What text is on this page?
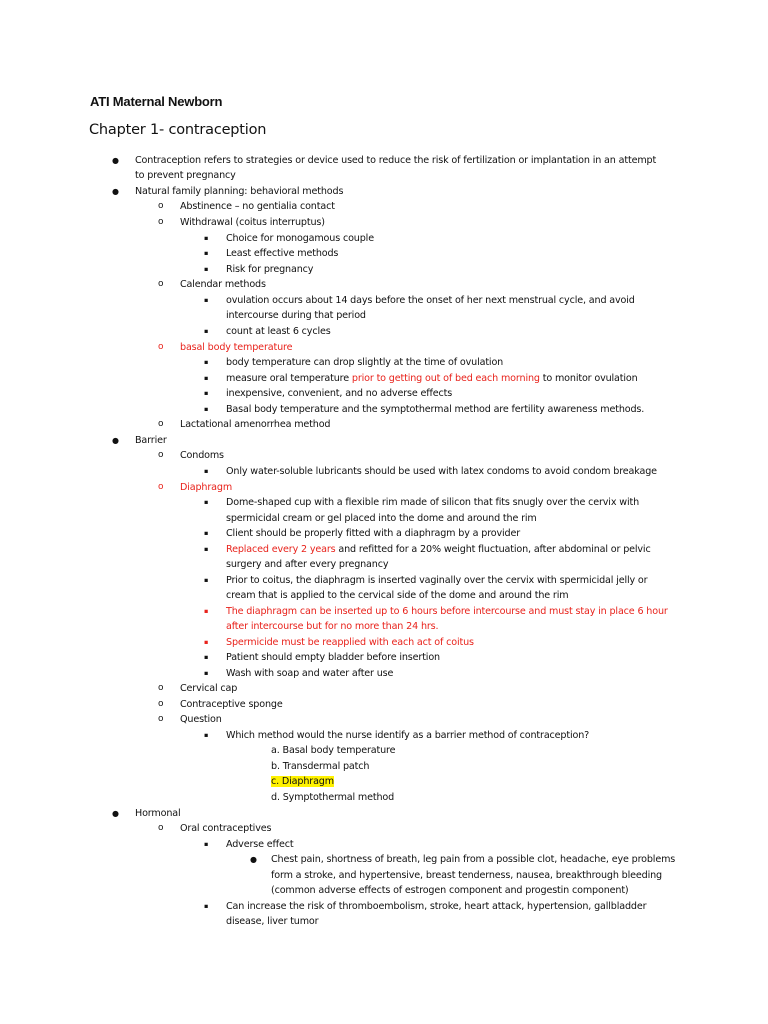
ATI Maternal Newborn
Chapter 1- contraception
● Contraception refers to strategies or device used to reduce the risk of fertilization or implantation in an attempt
to prevent pregnancy
● Natural family planning: behavioral methods
o Abstinence – no gentialia contact
o Withdrawal (coitus interruptus)
▪ Choice for monogamous couple
▪ Least effective methods
▪ Risk for pregnancy
o Calendar methods
▪ ovulation occurs about 14 days before the onset of her next menstrual cycle, and avoid
intercourse during that period
▪ count at least 6 cycles
o basal body temperature
▪ body temperature can drop slightly at the time of ovulation
▪ measure oral temperature prior to getting out of bed each morning to monitor ovulation
▪ inexpensive, convenient, and no adverse effects
▪ Basal body temperature and the symptothermal method are fertility awareness methods.
o Lactational amenorrhea method
● Barrier
o Condoms
▪ Only water-soluble lubricants should be used with latex condoms to avoid condom breakage
o Diaphragm
▪ Dome-shaped cup with a flexible rim made of silicon that fits snugly over the cervix with
spermicidal cream or gel placed into the dome and around the rim
▪ Client should be properly fitted with a diaphragm by a provider
▪ Replaced every 2 years and refitted for a 20% weight fluctuation, after abdominal or pelvic
surgery and after every pregnancy
▪ Prior to coitus, the diaphragm is inserted vaginally over the cervix with spermicidal jelly or
cream that is applied to the cervical side of the dome and around the rim
▪ The diaphragm can be inserted up to 6 hours before intercourse and must stay in place 6 hour
after intercourse but for no more than 24 hrs.
▪ Spermicide must be reapplied with each act of coitus
▪ Patient should empty bladder before insertion
▪ Wash with soap and water after use
o Cervical cap
o Contraceptive sponge
o Question
▪ Which method would the nurse identify as a barrier method of contraception?
a. Basal body temperature
b. Transdermal patch
c. Diaphragm
d. Symptothermal method
● Hormonal
o Oral contraceptives
▪ Adverse effect
● Chest pain, shortness of breath, leg pain from a possible clot, headache, eye problems
form a stroke, and hypertensive, breast tenderness, nausea, breakthrough bleeding
(common adverse effects of estrogen component and progestin component)
▪ Can increase the risk of thromboembolism, stroke, heart attack, hypertension, gallbladder
disease, liver tumor
